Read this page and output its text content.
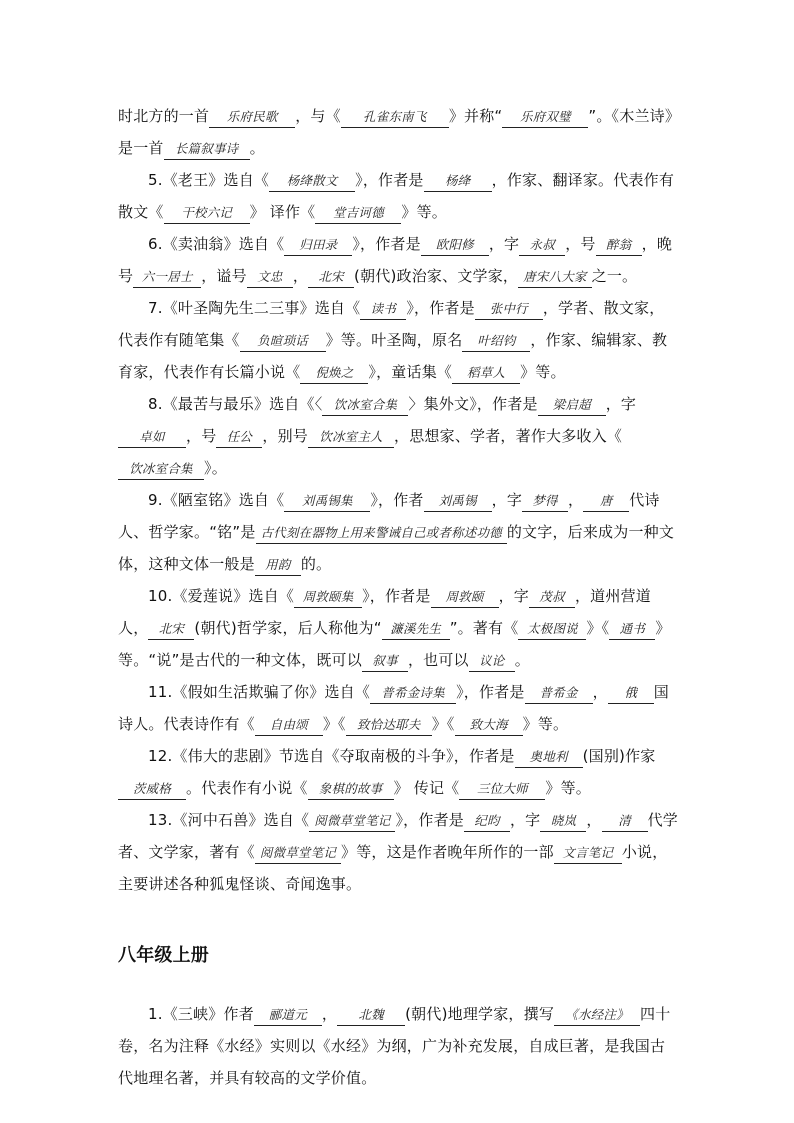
时北方的一首 乐府民歌 ，与《 孔雀东南飞 》并称“ 乐府双璧 ”。《木兰诗》是一首 长篇叙事诗 。

5.《老王》选自《 杨绛散文 》，作者是 杨绛 ，作家、翻译家。代表作有散文《 干校六记 》 译作《 堂吉诃德 》等。

6.《卖油翁》选自《 归田录 》，作者是 欧阳修 ，字 永叔 ，号 醉翁 ，晚号 六一居士 ，谥号 文忠 ， 北宋 (朝代)政治家、文学家， 唐宋八大家 之一。

7.《叶圣陶先生二三事》选自《 读书 》，作者是 张中行 ，学者、散文家，代表作有随笔集《 负暄琐话 》等。叶圣陶，原名 叶绍钧 ，作家、编辑家、教育家，代表作有长篇小说《 倪焕之 》，童话集《 稻草人 》等。

8.《最苦与最乐》选自《〈 饮冰室合集 〉集外文》，作者是 梁启超 ，字卓如 ，号 任公 ，别号 饮冰室主人 ，思想家、学者，著作大多收入《饮冰室合集 》。

9.《陋室铭》选自《 刘禹锡集 》，作者 刘禹锡 ，字 梦得 ， 唐 代诗人、哲学家。“铭”是 古代刻在器物上用来警诫自己或者称述功德 的文字，后来成为一种文体，这种文体一般是 用韵 的。

10.《爱莲说》选自《 周敦颐集 》，作者是 周敦颐 ，字 茂叔 ，道州营道人， 北宋 (朝代)哲学家，后人称他为“ 濂溪先生 ”。著有《 太极图说 》《 通书 》等。“说”是古代的一种文体，既可以 叙事 ，也可以 议论 。

11.《假如生活欺骗了你》选自《 普希金诗集 》，作者是 普希金 ， 俄 国诗人。代表诗作有《 自由颂 》《 致恰达耶夫 》《 致大海 》等。

12.《伟大的悲剧》节选自《夺取南极的斗争》，作者是 奥地利 (国别)作家茨威格 。代表作有小说《 象棋的故事 》 传记《 三位大师 》等。

13.《河中石兽》选自《 阅微草堂笔记 》，作者是 纪昀 ，字 晓岚 ， 清 代学者、文学家，著有《 阅微草堂笔记 》等，这是作者晚年所作的一部 文言笔记 小说，主要讲述各种狐鬼怪谈、奇闻逸事。

八年级上册

1.《三峡》作者 郦道元 ， 北魏 (朝代)地理学家，撰写 《水经注》 四十卷，名为注释《水经》实则以《水经》为纲，广为补充发展，自成巨著，是我国古代地理名著，并具有较高的文学价值。
